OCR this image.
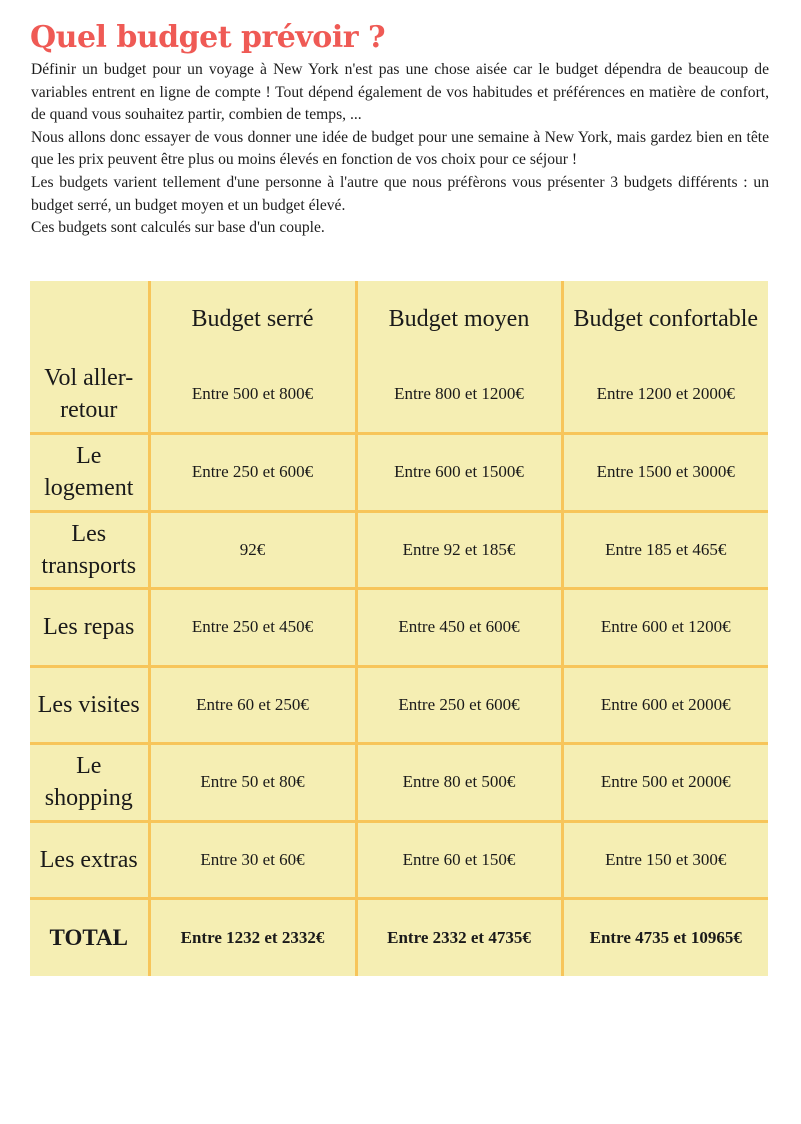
Quel budget prévoir ?

Définir un budget pour un voyage à New York n'est pas une chose aisée car le budget dépendra de beaucoup de variables entrent en ligne de compte ! Tout dépend également de vos habitudes et préférences en matière de confort, de quand vous souhaitez partir, combien de temps, ...

Nous allons donc essayer de vous donner une idée de budget pour une semaine à New York, mais gardez bien en tête que les prix peuvent être plus ou moins élevés en fonction de vos choix pour ce séjour !

Les budgets varient tellement d'une personne à l'autre que nous préfèrons vous présenter 3 budgets différents : un budget serré, un budget moyen et un budget élevé.

Ces budgets sont calculés sur base d'un couple.

	Budget serré	Budget moyen	Budget confortable
Vol aller-retour	Entre 500 et 800€	Entre 800 et 1200€	Entre 1200 et 2000€
Le logement	Entre 250 et 600€	Entre 600 et 1500€	Entre 1500 et 3000€
Les transports	92€	Entre 92 et 185€	Entre 185 et 465€
Les repas	Entre 250 et 450€	Entre 450 et 600€	Entre 600 et 1200€
Les visites	Entre 60 et 250€	Entre 250 et 600€	Entre 600 et 2000€
Le shopping	Entre 50 et 80€	Entre 80 et 500€	Entre 500 et 2000€
Les extras	Entre 30 et 60€	Entre 60 et 150€	Entre 150 et 300€
TOTAL	Entre 1232 et 2332€	Entre 2332 et 4735€	Entre 4735 et 10965€
